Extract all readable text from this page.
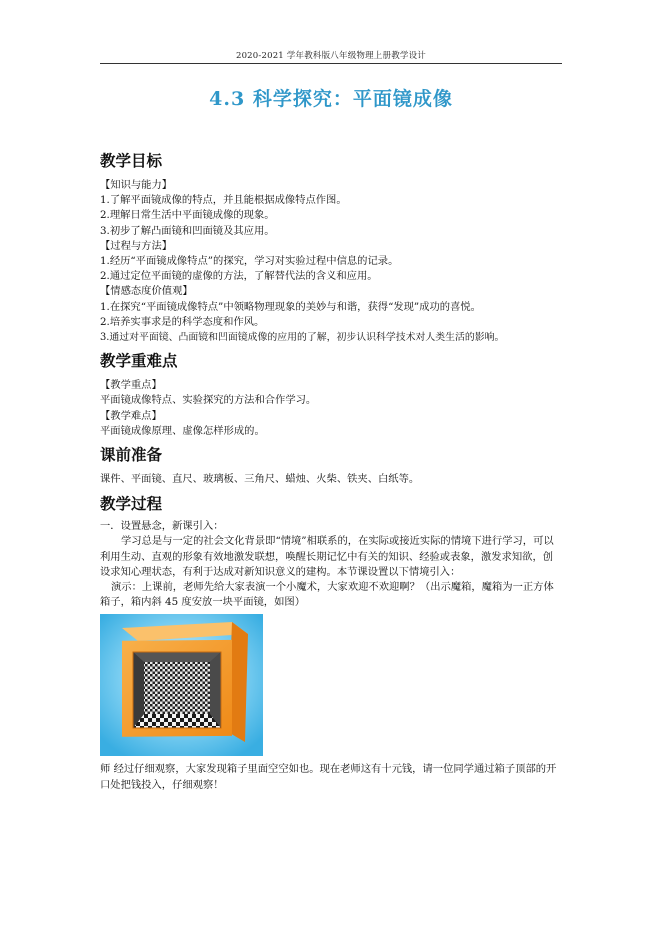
2020-2021 学年教科版八年级物理上册教学设计
4.3 科学探究：平面镜成像
教学目标
【知识与能力】
1.了解平面镜成像的特点，并且能根据成像特点作图。
2.理解日常生活中平面镜成像的现象。
3.初步了解凸面镜和凹面镜及其应用。
【过程与方法】
1.经历“平面镜成像特点”的探究，学习对实验过程中信息的记录。
2.通过定位平面镜的虚像的方法，了解替代法的含义和应用。
【情感态度价值观】
1.在探究“平面镜成像特点”中领略物理现象的美妙与和谐，获得“发现”成功的喜悦。
2.培养实事求是的科学态度和作风。
3.通过对平面镜、凸面镜和凹面镜成像的应用的了解，初步认识科学技术对人类生活的影响。
教学重难点
【教学重点】
平面镜成像特点、实验探究的方法和合作学习。
【教学难点】
平面镜成像原理、虚像怎样形成的。
课前准备
课件、平面镜、直尺、玻璃板、三角尺、蜡烛、火柴、铁夹、白纸等。
教学过程
一．设置悬念，新课引入：
学习总是与一定的社会文化背景即“情境”相联系的，在实际或接近实际的情境下进行学习，可以利用生动、直观的形象有效地激发联想，唤醒长期记忆中有关的知识、经验或表象，激发求知欲，创设求知心理状态，有利于达成对新知识意义的建构。本节课设置以下情境引入：
演示：上课前，老师先给大家表演一个小魔术，大家欢迎不欢迎啊？（出示魔箱，魔箱为一正方体箱子，箱内斜 45 度安放一块平面镜，如图）
师 经过仔细观察，大家发现箱子里面空空如也。现在老师这有十元钱，请一位同学通过箱子顶部的开口处把钱投入，仔细观察！
